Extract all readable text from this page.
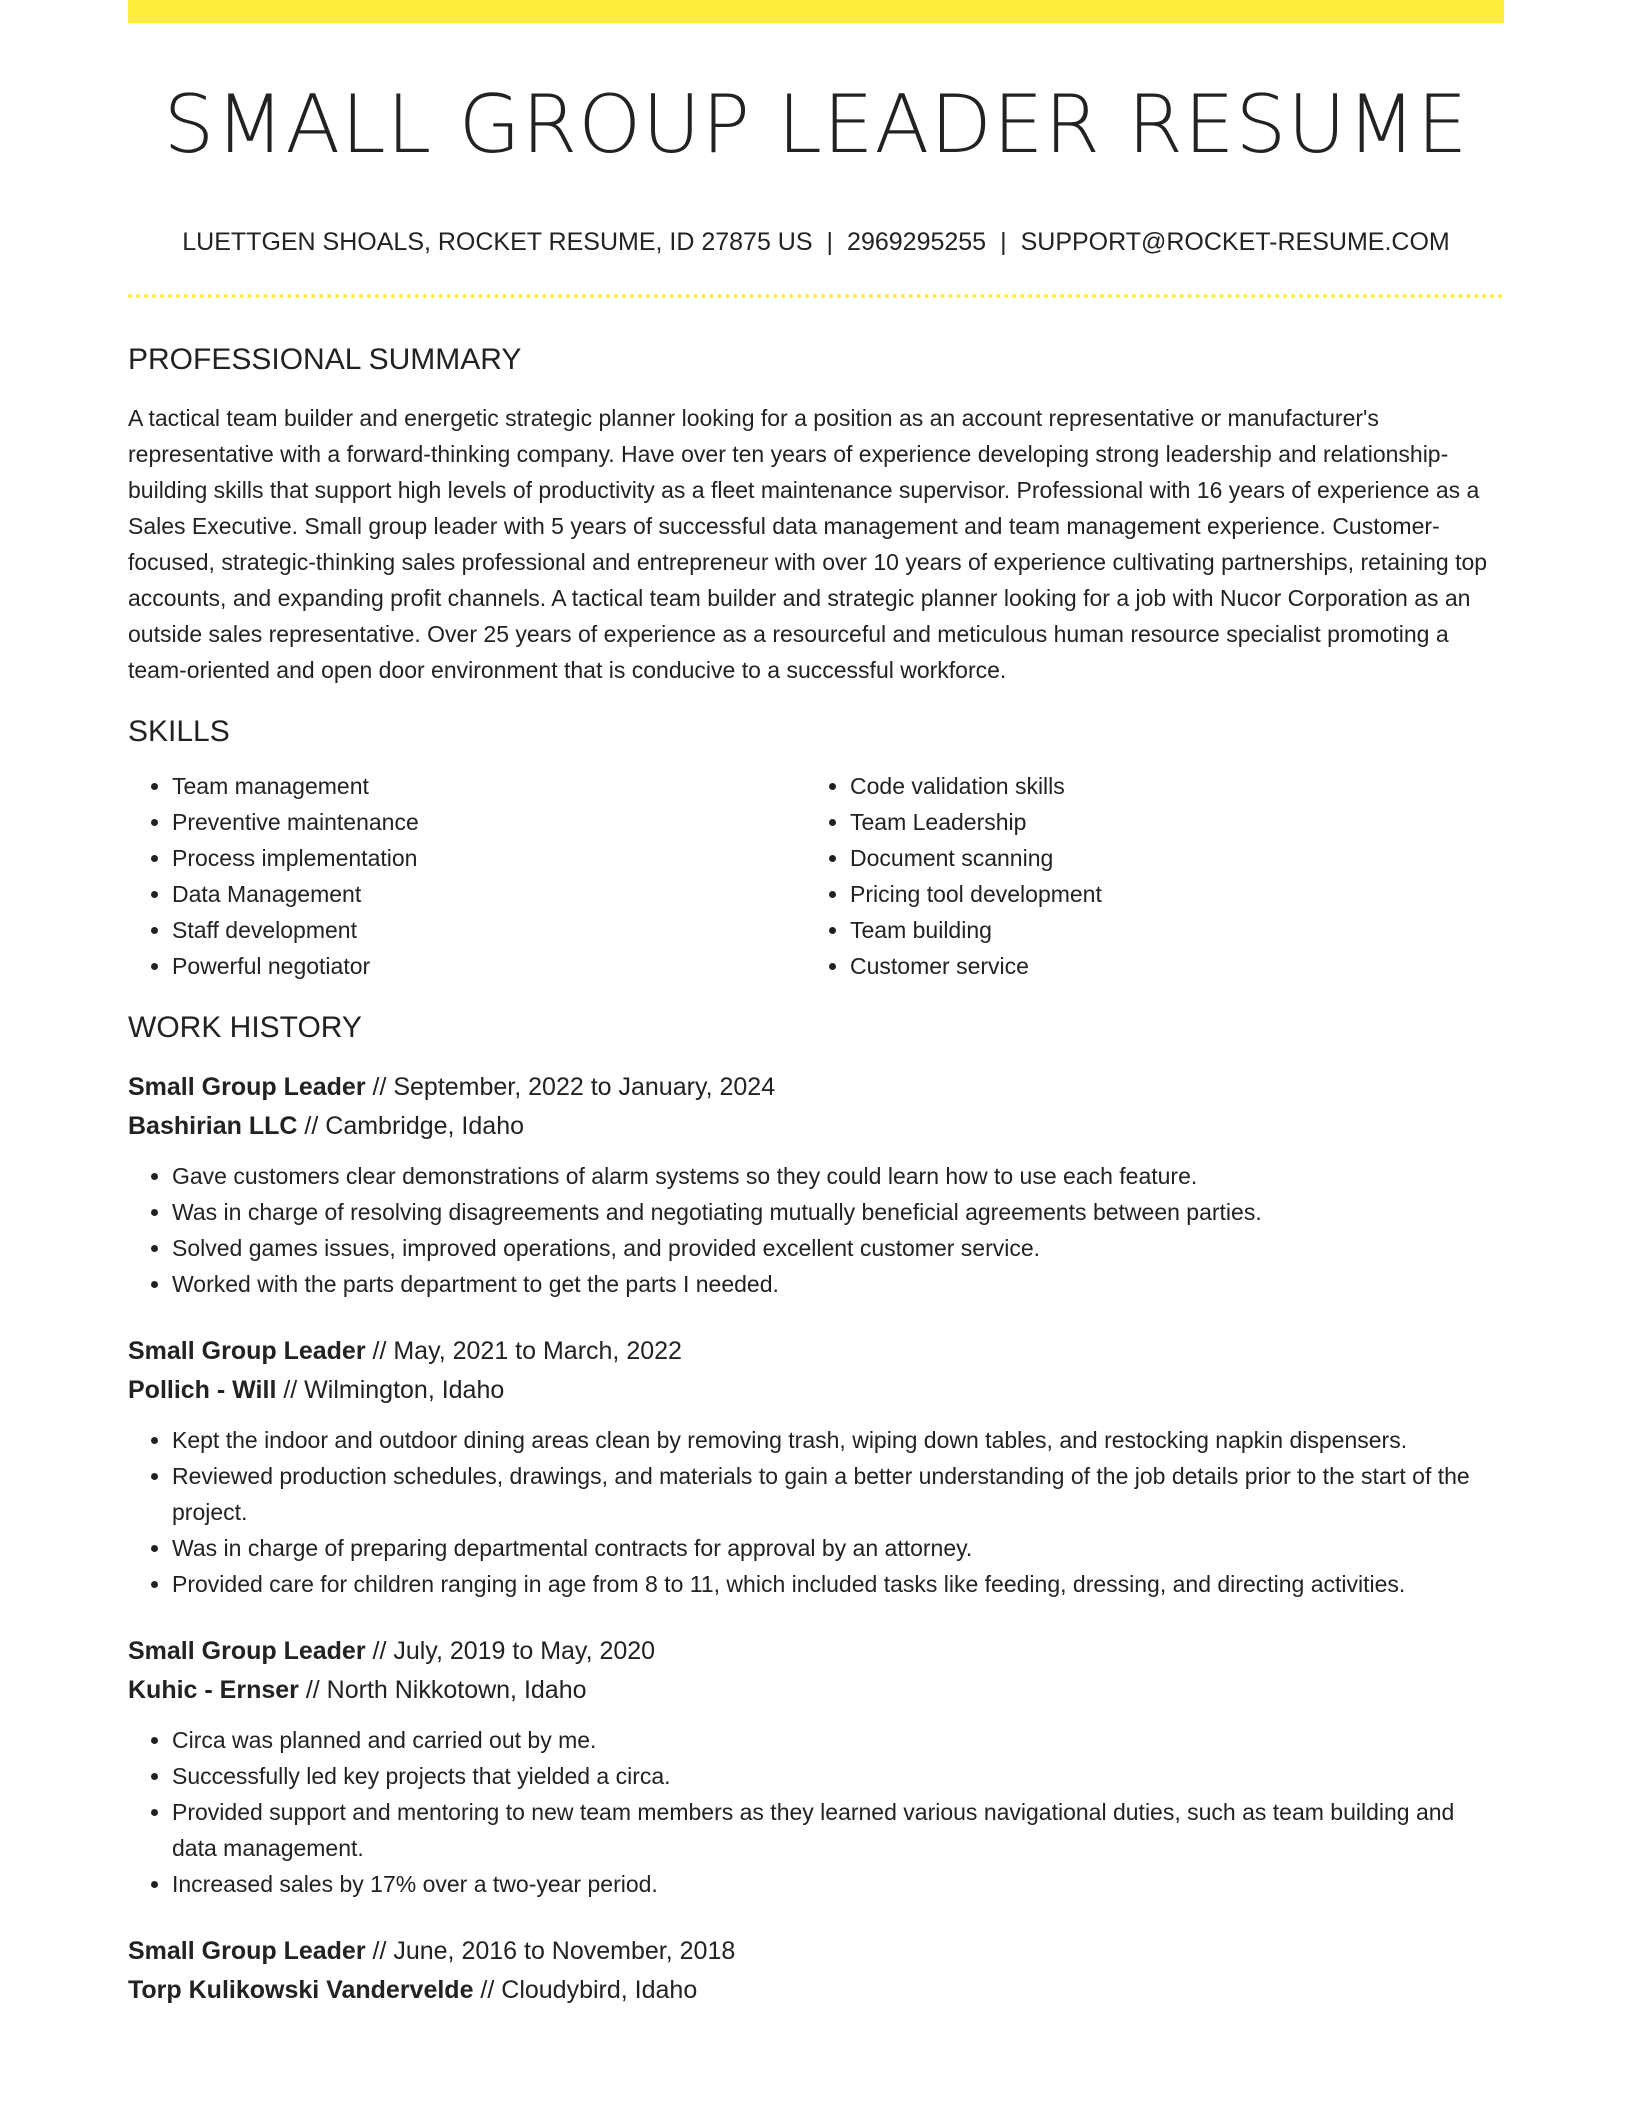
SMALL GROUP LEADER RESUME
LUETTGEN SHOALS, ROCKET RESUME, ID 27875 US | 2969295255 | SUPPORT@ROCKET-RESUME.COM
PROFESSIONAL SUMMARY

A tactical team builder and energetic strategic planner looking for a position as an account representative or manufacturer's representative with a forward-thinking company. Have over ten years of experience developing strong leadership and relationship-building skills that support high levels of productivity as a fleet maintenance supervisor. Professional with 16 years of experience as a Sales Executive. Small group leader with 5 years of successful data management and team management experience. Customer-focused, strategic-thinking sales professional and entrepreneur with over 10 years of experience cultivating partnerships, retaining top accounts, and expanding profit channels. A tactical team builder and strategic planner looking for a job with Nucor Corporation as an outside sales representative. Over 25 years of experience as a resourceful and meticulous human resource specialist promoting a team-oriented and open door environment that is conducive to a successful workforce.

SKILLS
• Team management
• Preventive maintenance
• Process implementation
• Data Management
• Staff development
• Powerful negotiator
• Code validation skills
• Team Leadership
• Document scanning
• Pricing tool development
• Team building
• Customer service
WORK HISTORY
Small Group Leader // September, 2022 to January, 2024
Bashirian LLC // Cambridge, Idaho
• Gave customers clear demonstrations of alarm systems so they could learn how to use each feature.
• Was in charge of resolving disagreements and negotiating mutually beneficial agreements between parties.
• Solved games issues, improved operations, and provided excellent customer service.
• Worked with the parts department to get the parts I needed.
Small Group Leader // May, 2021 to March, 2022
Pollich - Will // Wilmington, Idaho
• Kept the indoor and outdoor dining areas clean by removing trash, wiping down tables, and restocking napkin dispensers.
• Reviewed production schedules, drawings, and materials to gain a better understanding of the job details prior to the start of the project.
• Was in charge of preparing departmental contracts for approval by an attorney.
• Provided care for children ranging in age from 8 to 11, which included tasks like feeding, dressing, and directing activities.
Small Group Leader // July, 2019 to May, 2020
Kuhic - Ernser // North Nikkotown, Idaho
• Circa was planned and carried out by me.
• Successfully led key projects that yielded a circa.
• Provided support and mentoring to new team members as they learned various navigational duties, such as team building and data management.
• Increased sales by 17% over a two-year period.
Small Group Leader // June, 2016 to November, 2018
Torp Kulikowski Vandervelde // Cloudybird, Idaho
